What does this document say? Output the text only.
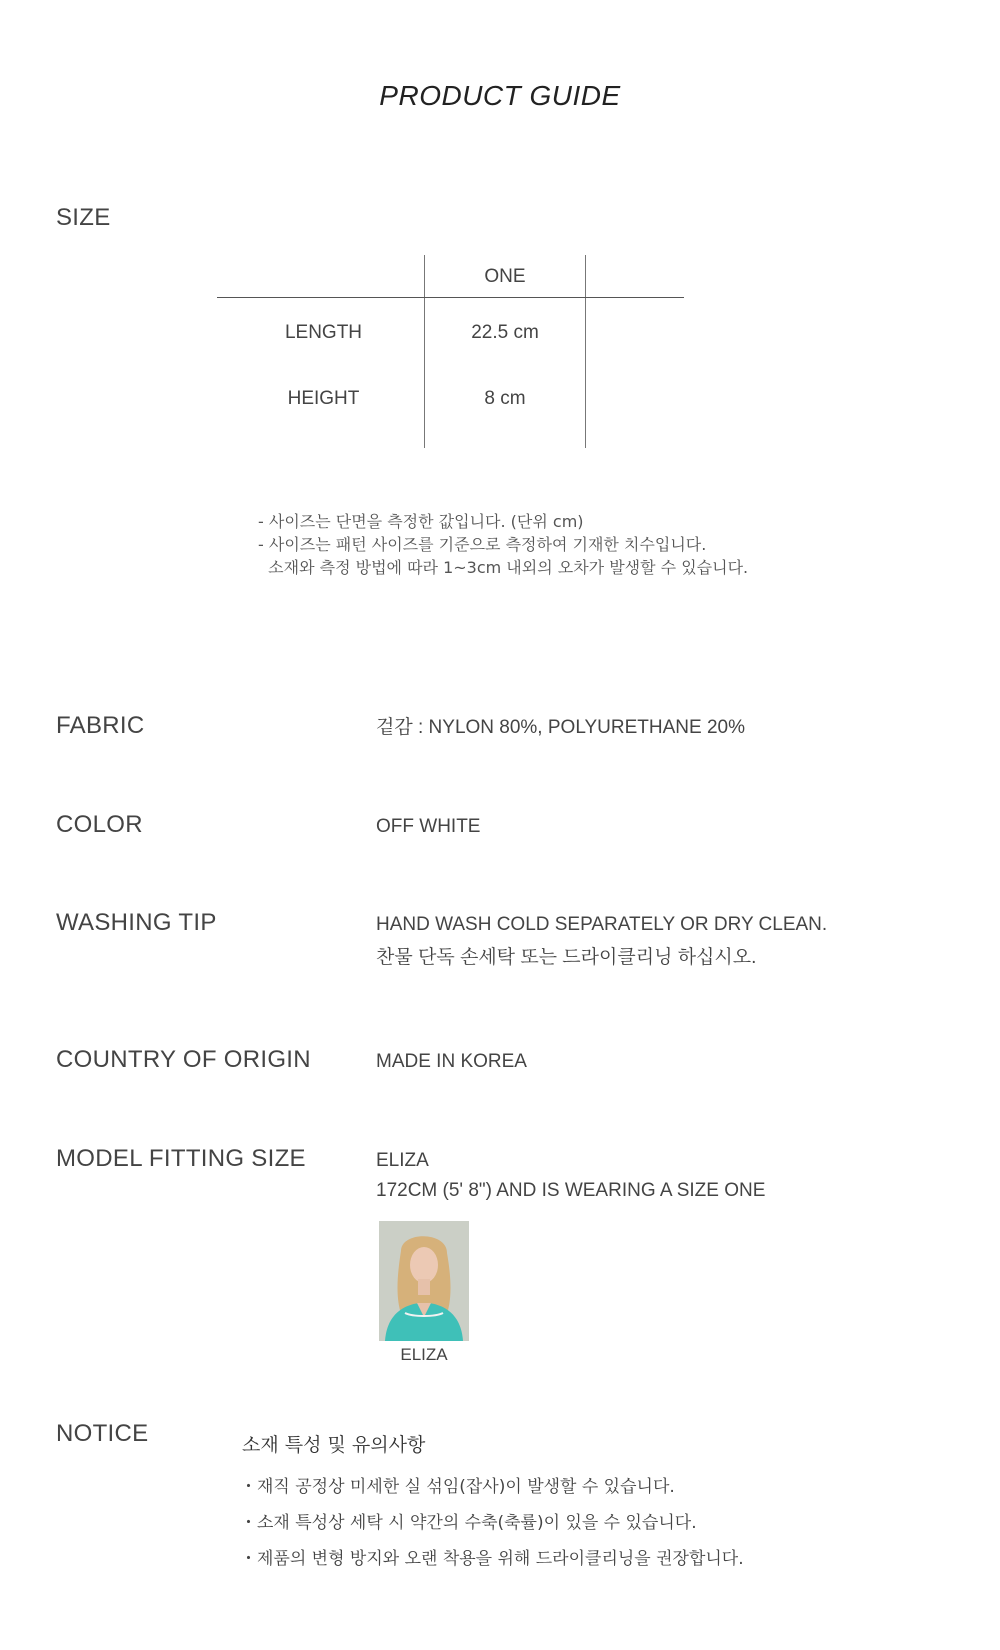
PRODUCT GUIDE
SIZE
ONE
LENGTH	22.5 cm
HEIGHT	8 cm
- 사이즈는 단면을 측정한 값입니다. (단위 cm)
- 사이즈는 패턴 사이즈를 기준으로 측정하여 기재한 치수입니다.
소재와 측정 방법에 따라 1~3cm 내외의 오차가 발생할 수 있습니다.
FABRIC	겉감 : NYLON 80%, POLYURETHANE 20%
COLOR	OFF WHITE
WASHING TIP	HAND WASH COLD SEPARATELY OR DRY CLEAN.
찬물 단독 손세탁 또는 드라이클리닝 하십시오.
COUNTRY OF ORIGIN	MADE IN KOREA
MODEL FITTING SIZE	ELIZA
172CM (5' 8") AND IS WEARING A SIZE ONE
ELIZA
NOTICE	소재 특성 및 유의사항
・재직 공정상 미세한 실 섞임(잡사)이 발생할 수 있습니다.
・소재 특성상 세탁 시 약간의 수축(축률)이 있을 수 있습니다.
・제품의 변형 방지와 오랜 착용을 위해 드라이클리닝을 권장합니다.
